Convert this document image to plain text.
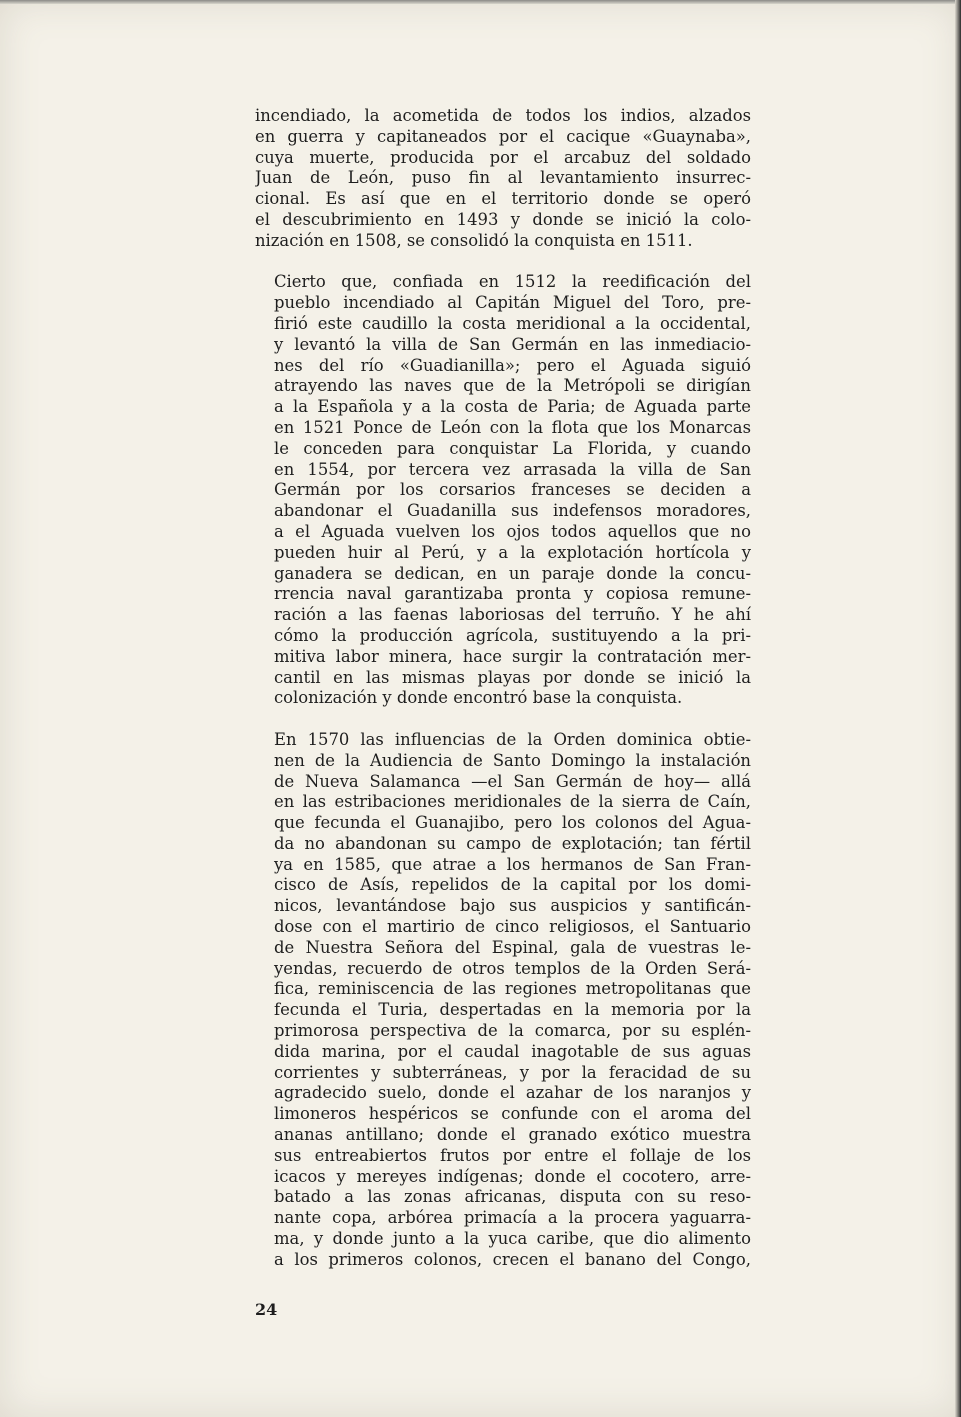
incendiado, la acometida de todos los indios, alzados
en guerra y capitaneados por el cacique «Guaynaba»,
cuya muerte, producida por el arcabuz del soldado
Juan de León, puso fin al levantamiento insurrec-
cional. Es así que en el territorio donde se operó
el descubrimiento en 1493 y donde se inició la colo-
nización en 1508, se consolidó la conquista en 1511.

Cierto que, confiada en 1512 la reedificación del
pueblo incendiado al Capitán Miguel del Toro, pre-
firió este caudillo la costa meridional a la occidental,
y levantó la villa de San Germán en las inmediacio-
nes del río «Guadianilla»; pero el Aguada siguió
atrayendo las naves que de la Metrópoli se dirigían
a la Española y a la costa de Paria; de Aguada parte
en 1521 Ponce de León con la flota que los Monarcas
le conceden para conquistar La Florida, y cuando
en 1554, por tercera vez arrasada la villa de San
Germán por los corsarios franceses se deciden a
abandonar el Guadanilla sus indefensos moradores,
a el Aguada vuelven los ojos todos aquellos que no
pueden huir al Perú, y a la explotación hortícola y
ganadera se dedican, en un paraje donde la concu-
rrencia naval garantizaba pronta y copiosa remune-
ración a las faenas laboriosas del terruño. Y he ahí
cómo la producción agrícola, sustituyendo a la pri-
mitiva labor minera, hace surgir la contratación mer-
cantil en las mismas playas por donde se inició la
colonización y donde encontró base la conquista.

En 1570 las influencias de la Orden dominica obtie-
nen de la Audiencia de Santo Domingo la instalación
de Nueva Salamanca —el San Germán de hoy— allá
en las estribaciones meridionales de la sierra de Caín,
que fecunda el Guanajibo, pero los colonos del Agua-
da no abandonan su campo de explotación; tan fértil
ya en 1585, que atrae a los hermanos de San Fran-
cisco de Asís, repelidos de la capital por los domi-
nicos, levantándose bajo sus auspicios y santificán-
dose con el martirio de cinco religiosos, el Santuario
de Nuestra Señora del Espinal, gala de vuestras le-
yendas, recuerdo de otros templos de la Orden Será-
fica, reminiscencia de las regiones metropolitanas que
fecunda el Turia, despertadas en la memoria por la
primorosa perspectiva de la comarca, por su esplén-
dida marina, por el caudal inagotable de sus aguas
corrientes y subterráneas, y por la feracidad de su
agradecido suelo, donde el azahar de los naranjos y
limoneros hespéricos se confunde con el aroma del
ananas antillano; donde el granado exótico muestra
sus entreabiertos frutos por entre el follaje de los
icacos y mereyes indígenas; donde el cocotero, arre-
batado a las zonas africanas, disputa con su reso-
nante copa, arbórea primacía a la procera yaguarra-
ma, y donde junto a la yuca caribe, que dio alimento
a los primeros colonos, crecen el banano del Congo,

24
